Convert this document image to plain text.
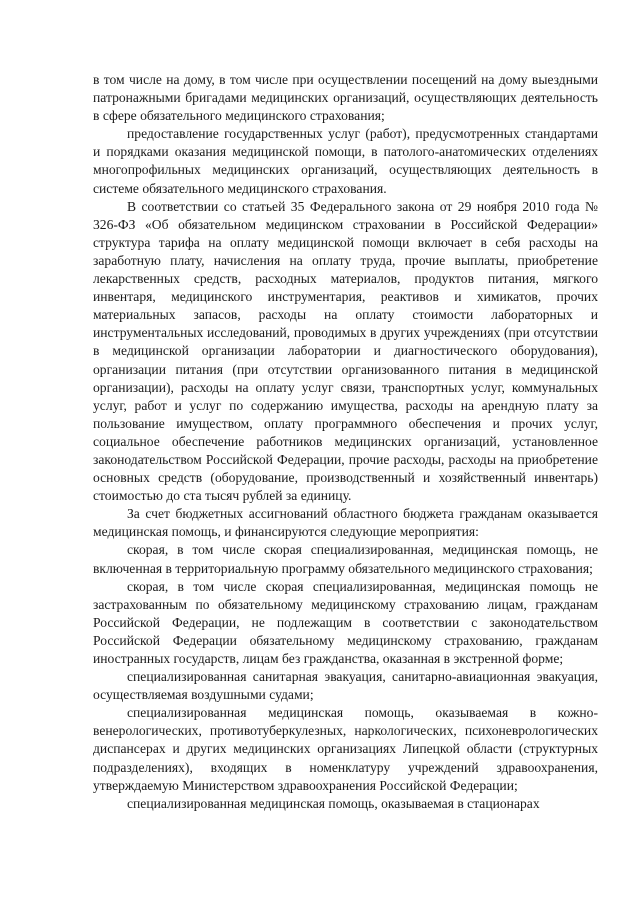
в том числе на дому, в том числе при осуществлении посещений на дому выездными патронажными бригадами медицинских организаций, осуществляющих деятельность в сфере обязательного медицинского страхования;

предоставление государственных услуг (работ), предусмотренных стандартами и порядками оказания медицинской помощи, в патолого-анатомических отделениях многопрофильных медицинских организаций, осуществляющих деятельность в системе обязательного медицинского страхования.

В соответствии со статьей 35 Федерального закона от 29 ноября 2010 года № 326-ФЗ «Об обязательном медицинском страховании в Российской Федерации» структура тарифа на оплату медицинской помощи включает в себя расходы на заработную плату, начисления на оплату труда, прочие выплаты, приобретение лекарственных средств, расходных материалов, продуктов питания, мягкого инвентаря, медицинского инструментария, реактивов и химикатов, прочих материальных запасов, расходы на оплату стоимости лабораторных и инструментальных исследований, проводимых в других учреждениях (при отсутствии в медицинской организации лаборатории и диагностического оборудования), организации питания (при отсутствии организованного питания в медицинской организации), расходы на оплату услуг связи, транспортных услуг, коммунальных услуг, работ и услуг по содержанию имущества, расходы на арендную плату за пользование имуществом, оплату программного обеспечения и прочих услуг, социальное обеспечение работников медицинских организаций, установленное законодательством Российской Федерации, прочие расходы, расходы на приобретение основных средств (оборудование, производственный и хозяйственный инвентарь) стоимостью до ста тысяч рублей за единицу.

За счет бюджетных ассигнований областного бюджета гражданам оказывается медицинская помощь, и финансируются следующие мероприятия:

скорая, в том числе скорая специализированная, медицинская помощь, не включенная в территориальную программу обязательного медицинского страхования;

скорая, в том числе скорая специализированная, медицинская помощь не застрахованным по обязательному медицинскому страхованию лицам, гражданам Российской Федерации, не подлежащим в соответствии с законодательством Российской Федерации обязательному медицинскому страхованию, гражданам иностранных государств, лицам без гражданства, оказанная в экстренной форме;

специализированная санитарная эвакуация, санитарно-авиационная эвакуация, осуществляемая воздушными судами;

специализированная медицинская помощь, оказываемая в кожно-венерологических, противотуберкулезных, наркологических, психоневрологических диспансерах и других медицинских организациях Липецкой области (структурных подразделениях), входящих в номенклатуру учреждений здравоохранения, утверждаемую Министерством здравоохранения Российской Федерации;

специализированная медицинская помощь, оказываемая в стационарах
